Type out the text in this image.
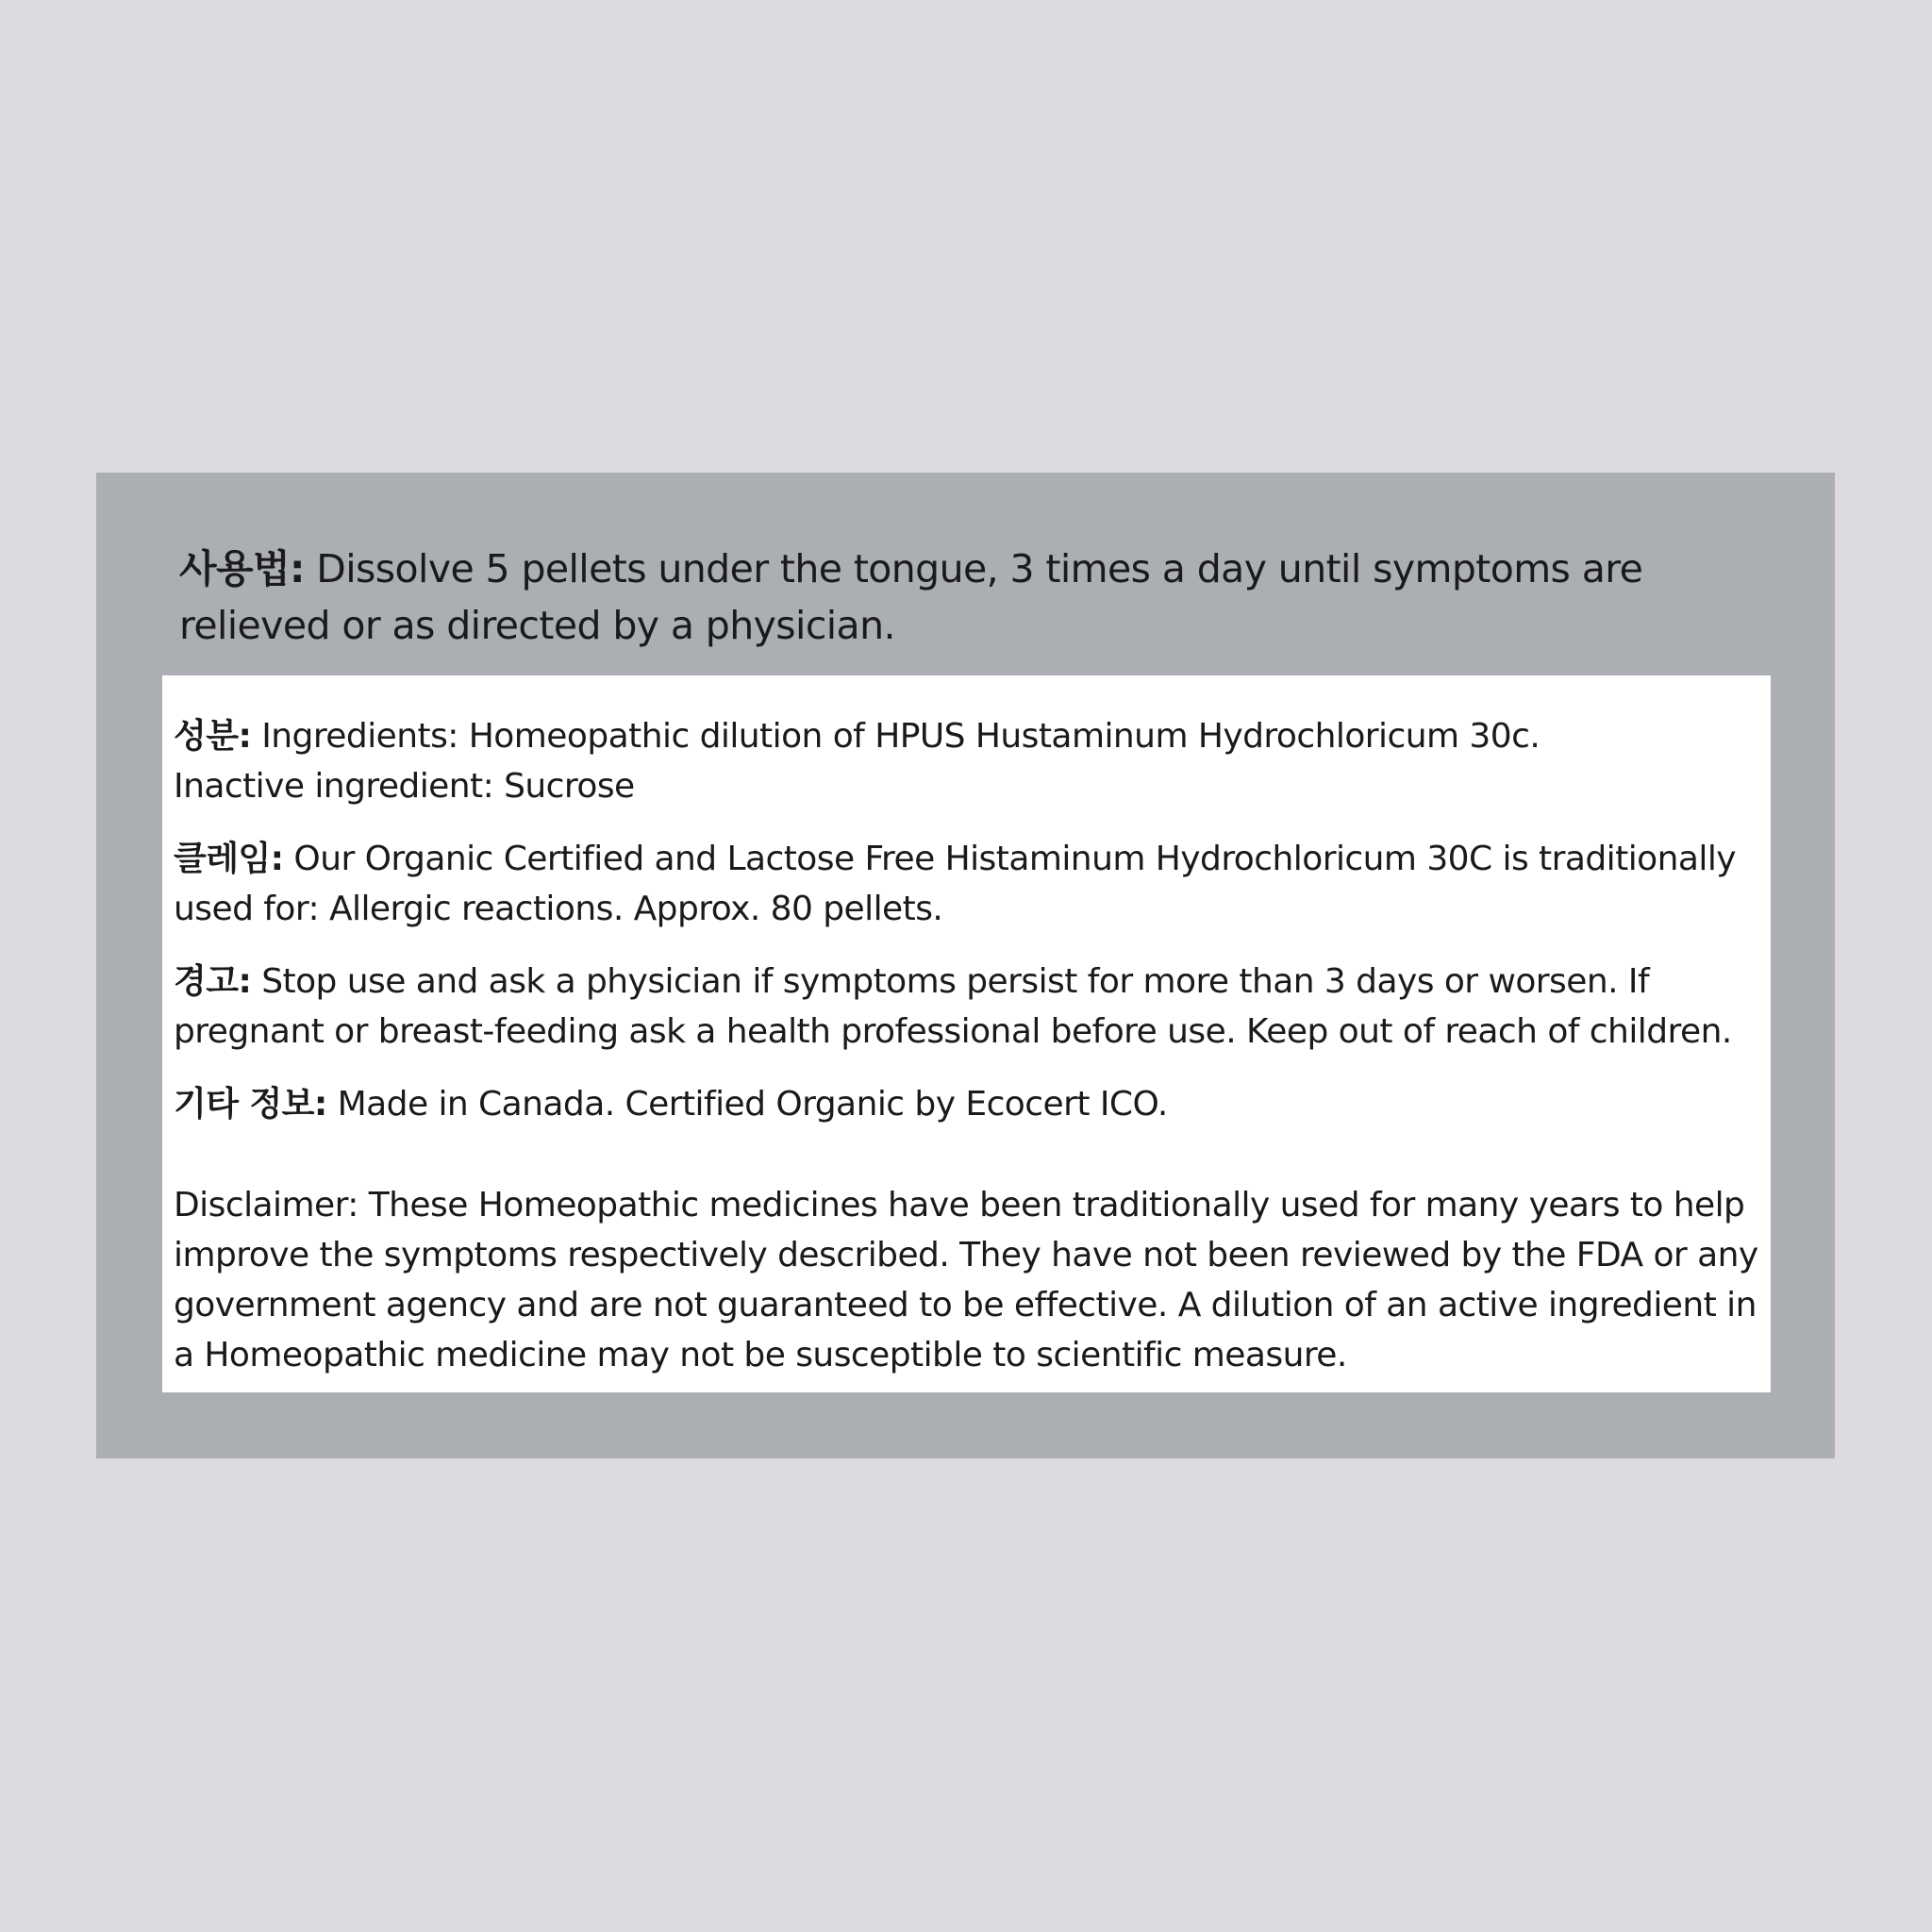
사용법: Dissolve 5 pellets under the tongue, 3 times a day until symptoms are relieved or as directed by a physician.

성분: Ingredients: Homeopathic dilution of HPUS Hustaminum Hydrochloricum 30c.
Inactive ingredient: Sucrose

클레임: Our Organic Certified and Lactose Free Histaminum Hydrochloricum 30C is traditionally used for: Allergic reactions. Approx. 80 pellets.

경고: Stop use and ask a physician if symptoms persist for more than 3 days or worsen. If pregnant or breast-feeding ask a health professional before use. Keep out of reach of children.

기타 정보: Made in Canada. Certified Organic by Ecocert ICO.

Disclaimer: These Homeopathic medicines have been traditionally used for many years to help improve the symptoms respectively described. They have not been reviewed by the FDA or any government agency and are not guaranteed to be effective. A dilution of an active ingredient in a Homeopathic medicine may not be susceptible to scientific measure.
